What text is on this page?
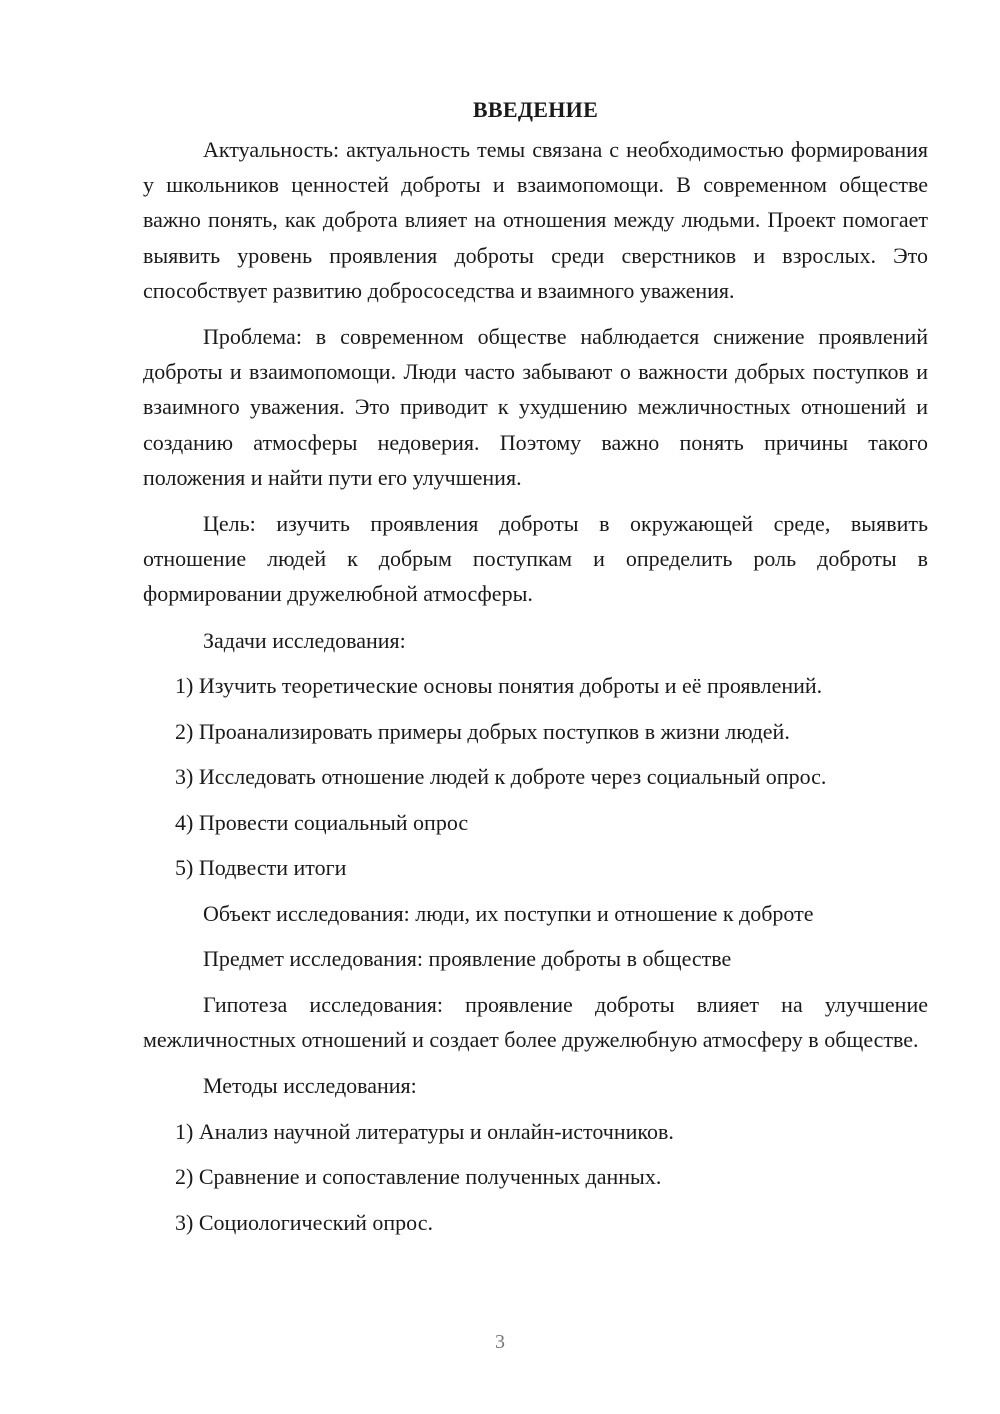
ВВЕДЕНИЕ

Актуальность: актуальность темы связана с необходимостью формирования у школьников ценностей доброты и взаимопомощи. В современном обществе важно понять, как доброта влияет на отношения между людьми. Проект помогает выявить уровень проявления доброты среди сверстников и взрослых. Это способствует развитию добрососедства и взаимного уважения.

Проблема: в современном обществе наблюдается снижение проявлений доброты и взаимопомощи. Люди часто забывают о важности добрых поступков и взаимного уважения. Это приводит к ухудшению межличностных отношений и созданию атмосферы недоверия. Поэтому важно понять причины такого положения и найти пути его улучшения.

Цель: изучить проявления доброты в окружающей среде, выявить отношение людей к добрым поступкам и определить роль доброты в формировании дружелюбной атмосферы.

Задачи исследования:
1) Изучить теоретические основы понятия доброты и её проявлений.
2) Проанализировать примеры добрых поступков в жизни людей.
3) Исследовать отношение людей к доброте через социальный опрос.
4) Провести социальный опрос
5) Подвести итоги
Объект исследования: люди, их поступки и отношение к доброте
Предмет исследования: проявление доброты в обществе

Гипотеза исследования: проявление доброты влияет на улучшение межличностных отношений и создает более дружелюбную атмосферу в обществе.

Методы исследования:
1) Анализ научной литературы и онлайн-источников.
2) Сравнение и сопоставление полученных данных.
3) Социологический опрос.
3
